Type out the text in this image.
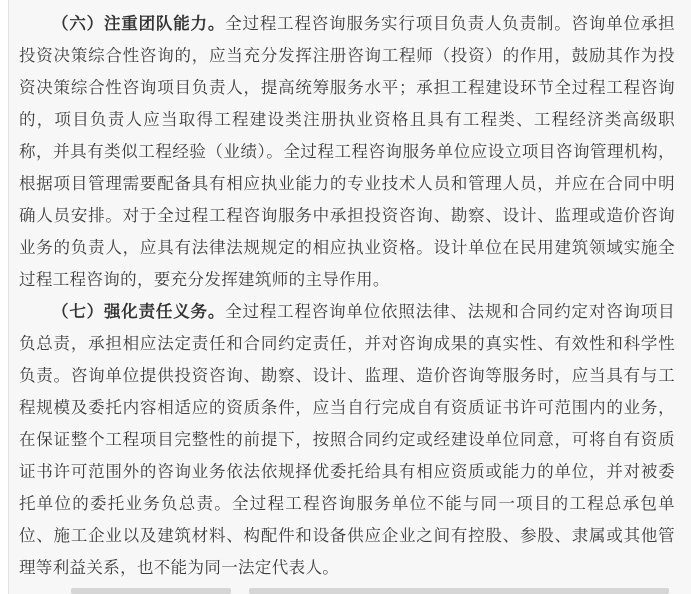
（六）注重团队能力。全过程工程咨询服务实行项目负责人负责制。咨询单位承担投资决策综合性咨询的，应当充分发挥注册咨询工程师（投资）的作用，鼓励其作为投资决策综合性咨询项目负责人，提高统筹服务水平；承担工程建设环节全过程工程咨询的，项目负责人应当取得工程建设类注册执业资格且具有工程类、工程经济类高级职称，并具有类似工程经验（业绩）。全过程工程咨询服务单位应设立项目咨询管理机构，根据项目管理需要配备具有相应执业能力的专业技术人员和管理人员，并应在合同中明确人员安排。对于全过程工程咨询服务中承担投资咨询、勘察、设计、监理或造价咨询业务的负责人，应具有法律法规规定的相应执业资格。设计单位在民用建筑领域实施全过程工程咨询的，要充分发挥建筑师的主导作用。

（七）强化责任义务。全过程工程咨询单位依照法律、法规和合同约定对咨询项目负总责，承担相应法定责任和合同约定责任，并对咨询成果的真实性、有效性和科学性负责。咨询单位提供投资咨询、勘察、设计、监理、造价咨询等服务时，应当具有与工程规模及委托内容相适应的资质条件，应当自行完成自有资质证书许可范围内的业务，在保证整个工程项目完整性的前提下，按照合同约定或经建设单位同意，可将自有资质证书许可范围外的咨询业务依法依规择优委托给具有相应资质或能力的单位，并对被委托单位的委托业务负总责。全过程工程咨询服务单位不能与同一项目的工程总承包单位、施工企业以及建筑材料、构配件和设备供应企业之间有控股、参股、隶属或其他管理等利益关系，也不能为同一法定代表人。
